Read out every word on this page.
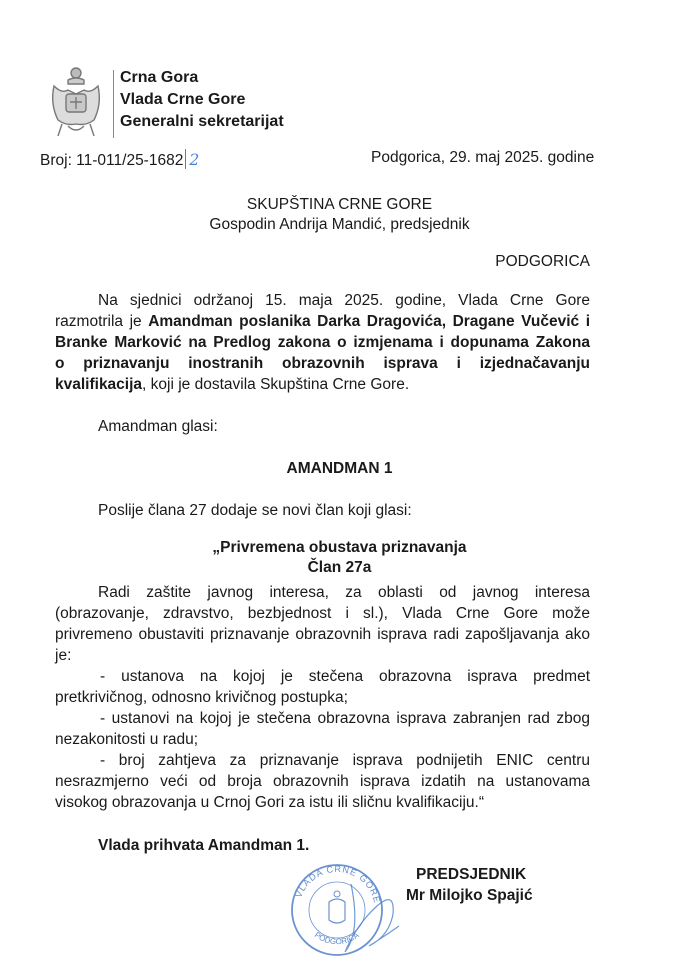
Crna Gora
Vlada Crne Gore
Generalni sekretarijat
Broj: 11-011/25-1682 2	Podgorica, 29. maj 2025. godine
SKUPŠTINA CRNE GORE
Gospodin Andrija Mandić, predsjednik
PODGORICA
Na sjednici održanoj 15. maja 2025. godine, Vlada Crne Gore
razmotrila je Amandman poslanika Darka Dragovića, Dragane Vučević i
Branke Marković na Predlog zakona o izmjenama i dopunama Zakona
o priznavanju inostranih obrazovnih isprava i izjednačavanju
kvalifikacija, koji je dostavila Skupština Crne Gore.
Amandman glasi:
AMANDMAN 1
Poslije člana 27 dodaje se novi član koji glasi:
„Privremena obustava priznavanja
Član 27a
Radi zaštite javnog interesa, za oblasti od javnog interesa
(obrazovanje, zdravstvo, bezbjednost i sl.), Vlada Crne Gore može
privremeno obustaviti priznavanje obrazovnih isprava radi zapošljavanja ako
je:
- ustanova na kojoj je stečena obrazovna isprava predmet
pretkrivičnog, odnosno krivičnog postupka;
- ustanovi na kojoj je stečena obrazovna isprava zabranjen rad zbog
nezakonitosti u radu;
- broj zahtjeva za priznavanje isprava podnijetih ENIC centru
nesrazmjerno veći od broja obrazovnih isprava izdatih na ustanovama
visokog obrazovanja u Crnoj Gori za istu ili sličnu kvalifikaciju.“
Vlada prihvata Amandman 1.
PREDSJEDNIK
Mr Milojko Spajić
VLADA CRNE GORE
PODGORICA
